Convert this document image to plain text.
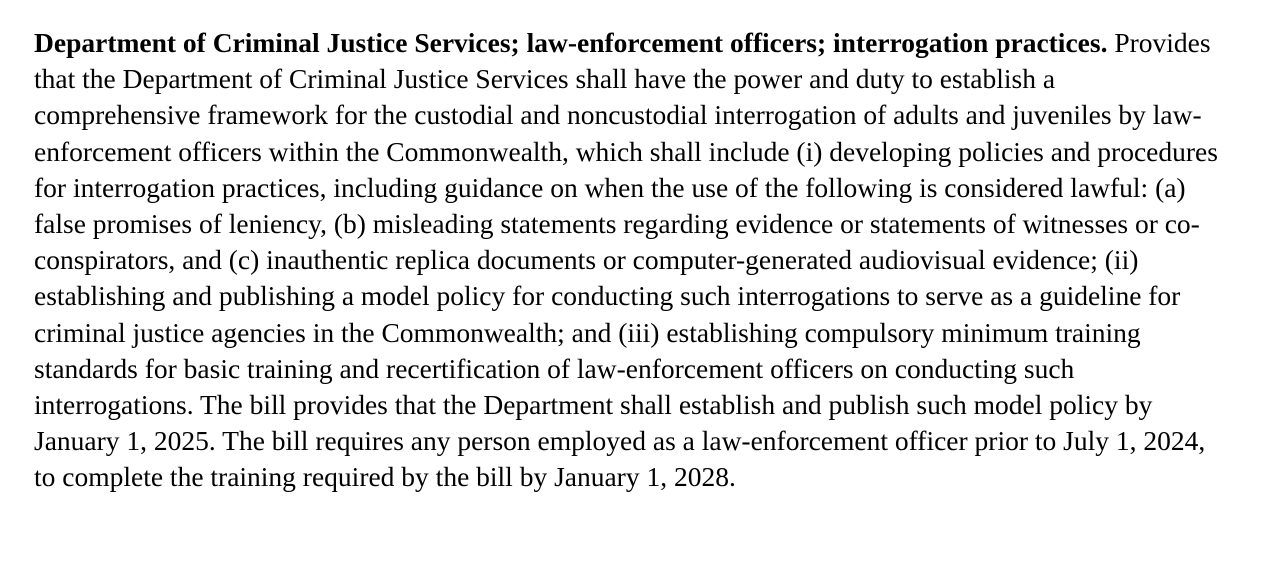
Department of Criminal Justice Services; law-enforcement officers; interrogation practices. Provides that the Department of Criminal Justice Services shall have the power and duty to establish a comprehensive framework for the custodial and noncustodial interrogation of adults and juveniles by law-enforcement officers within the Commonwealth, which shall include (i) developing policies and procedures for interrogation practices, including guidance on when the use of the following is considered lawful: (a) false promises of leniency, (b) misleading statements regarding evidence or statements of witnesses or co-conspirators, and (c) inauthentic replica documents or computer-generated audiovisual evidence; (ii) establishing and publishing a model policy for conducting such interrogations to serve as a guideline for criminal justice agencies in the Commonwealth; and (iii) establishing compulsory minimum training standards for basic training and recertification of law-enforcement officers on conducting such interrogations. The bill provides that the Department shall establish and publish such model policy by January 1, 2025. The bill requires any person employed as a law-enforcement officer prior to July 1, 2024, to complete the training required by the bill by January 1, 2028.
